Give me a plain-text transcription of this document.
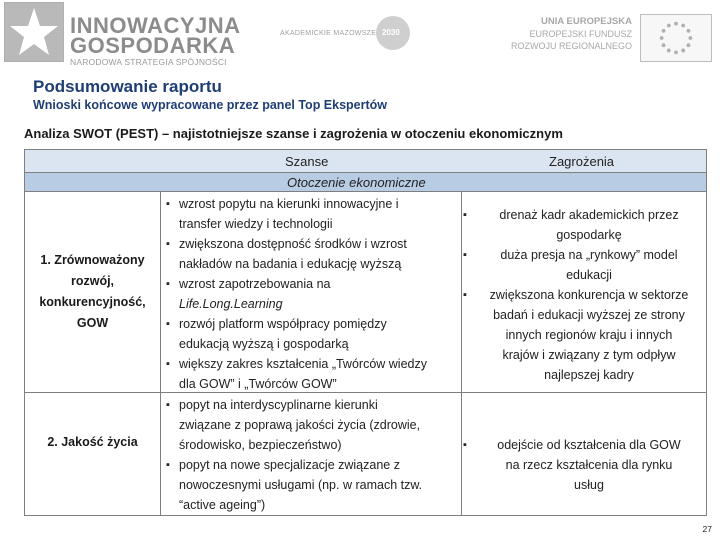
INNOWACYJNA
GOSPODARKA
NARODOWA STRATEGIA SPÓJNOŚCI
AKADEMICKIE MAZOWSZE 2030
UNIA EUROPEJSKA
EUROPEJSKI FUNDUSZ
ROZWOJU REGIONALNEGO
Podsumowanie raportu
Wnioski końcowe wypracowane przez panel Top Ekspertów
Analiza SWOT (PEST) – najistotniejsze szanse i zagrożenia w otoczeniu ekonomicznym
Szanse	Zagrożenia
Otoczenie ekonomiczne
1. Zrównoważony
rozwój,
konkurencyjność,
GOW
▪ wzrost popytu na kierunki innowacyjne i
transfer wiedzy i technologii
▪ zwiększona dostępność środków i wzrost
nakładów na badania i edukację wyższą
▪ wzrost zapotrzebowania na
Life.Long.Learning
▪ rozwój platform współpracy pomiędzy
edukacją wyższą i gospodarką
▪ większy zakres kształcenia „Twórców wiedzy
dla GOW” i „Twórców GOW”
▪ drenaż kadr akademickich przez
gospodarkę
▪ duża presja na „rynkowy” model
edukacji
▪ zwiększona konkurencja w sektorze
badań i edukacji wyższej ze strony
innych regionów kraju i innych
krajów i związany z tym odpływ
najlepszej kadry
2. Jakość życia
▪ popyt na interdyscyplinarne kierunki
związane z poprawą jakości życia (zdrowie,
środowisko, bezpieczeństwo)
▪ popyt na nowe specjalizacje związane z
nowoczesnymi usługami (np. w ramach tzw.
“active ageing”)
▪ odejście od kształcenia dla GOW
na rzecz kształcenia dla rynku
usług
27
